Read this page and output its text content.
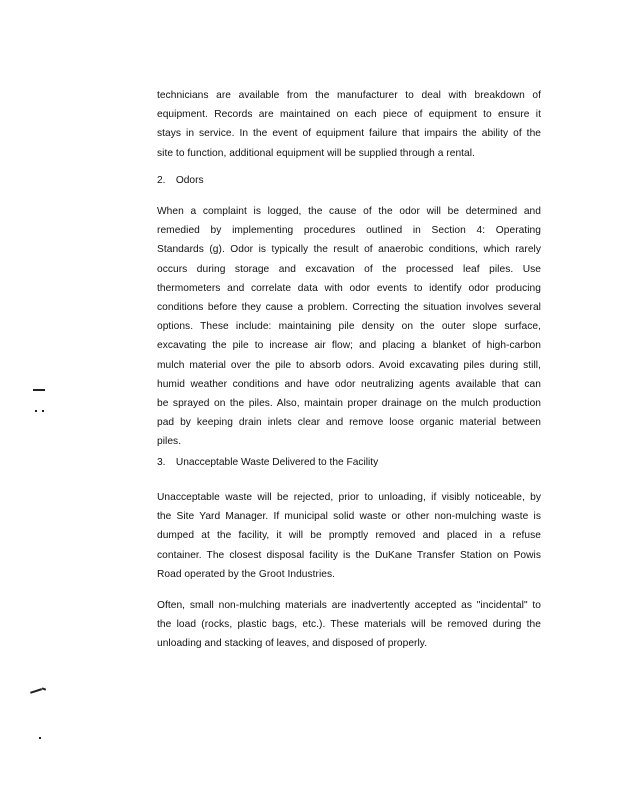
technicians are available from the manufacturer to deal with breakdown of
equipment. Records are maintained on each piece of equipment to ensure it
stays in service. In the event of equipment failure that impairs the ability of the
site to function, additional equipment will be supplied through a rental.
2. Odors
When a complaint is logged, the cause of the odor will be determined and
remedied by implementing procedures outlined in Section 4: Operating
Standards (g). Odor is typically the result of anaerobic conditions, which rarely
occurs during storage and excavation of the processed leaf piles. Use
thermometers and correlate data with odor events to identify odor producing
conditions before they cause a problem. Correcting the situation involves several
options. These include: maintaining pile density on the outer slope surface,
excavating the pile to increase air flow; and placing a blanket of high-carbon
mulch material over the pile to absorb odors. Avoid excavating piles during still,
humid weather conditions and have odor neutralizing agents available that can
be sprayed on the piles. Also, maintain proper drainage on the mulch production
pad by keeping drain inlets clear and remove loose organic material between
piles.
3. Unacceptable Waste Delivered to the Facility
Unacceptable waste will be rejected, prior to unloading, if visibly noticeable, by
the Site Yard Manager. If municipal solid waste or other non-mulching waste is
dumped at the facility, it will be promptly removed and placed in a refuse
container. The closest disposal facility is the DuKane Transfer Station on Powis
Road operated by the Groot Industries.
Often, small non-mulching materials are inadvertently accepted as "incidental" to
the load (rocks, plastic bags, etc.). These materials will be removed during the
unloading and stacking of leaves, and disposed of properly.
